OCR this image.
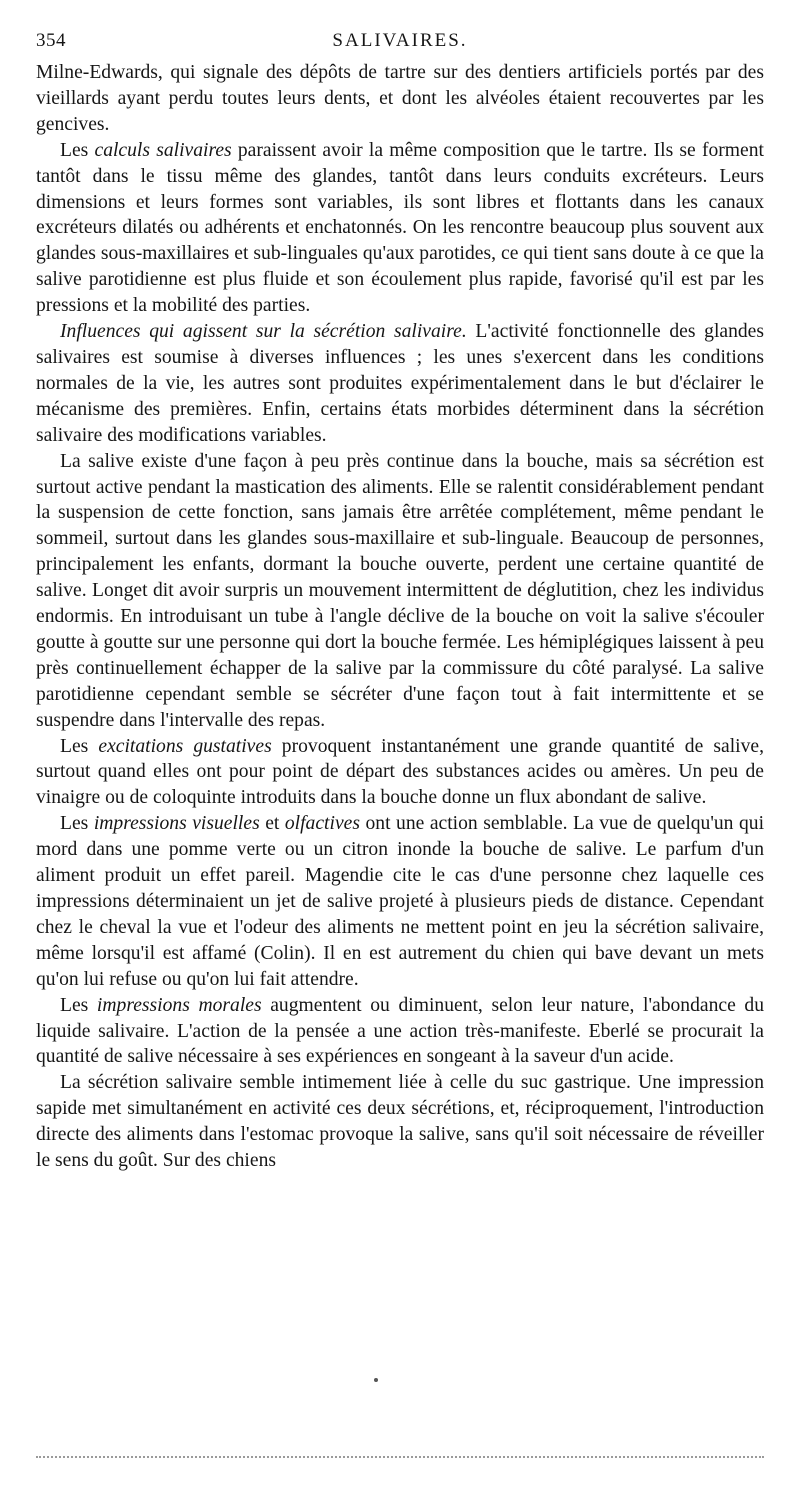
354	SALIVAIRES.

Milne-Edwards, qui signale des dépôts de tartre sur des dentiers artificiels portés par des vieillards ayant perdu toutes leurs dents, et dont les alvéoles étaient recouvertes par les gencives.

Les calculs salivaires paraissent avoir la même composition que le tartre. Ils se forment tantôt dans le tissu même des glandes, tantôt dans leurs conduits excréteurs. Leurs dimensions et leurs formes sont variables, ils sont libres et flottants dans les canaux excréteurs dilatés ou adhérents et enchatonnés. On les rencontre beaucoup plus souvent aux glandes sous-maxillaires et sub-linguales qu'aux parotides, ce qui tient sans doute à ce que la salive parotidienne est plus fluide et son écoulement plus rapide, favorisé qu'il est par les pressions et la mobilité des parties.

Influences qui agissent sur la sécrétion salivaire. L'activité fonctionnelle des glandes salivaires est soumise à diverses influences ; les unes s'exercent dans les conditions normales de la vie, les autres sont produites expérimentalement dans le but d'éclairer le mécanisme des premières. Enfin, certains états morbides déterminent dans la sécrétion salivaire des modifications variables.

La salive existe d'une façon à peu près continue dans la bouche, mais sa sécrétion est surtout active pendant la mastication des aliments. Elle se ralentit considérablement pendant la suspension de cette fonction, sans jamais être arrêtée complétement, même pendant le sommeil, surtout dans les glandes sous-maxillaire et sub-linguale. Beaucoup de personnes, principalement les enfants, dormant la bouche ouverte, perdent une certaine quantité de salive. Longet dit avoir surpris un mouvement intermittent de déglutition, chez les individus endormis. En introduisant un tube à l'angle déclive de la bouche on voit la salive s'écouler goutte à goutte sur une personne qui dort la bouche fermée. Les hémiplégiques laissent à peu près continuellement échapper de la salive par la commissure du côté paralysé. La salive parotidienne cependant semble se sécréter d'une façon tout à fait intermittente et se suspendre dans l'intervalle des repas.

Les excitations gustatives provoquent instantanément une grande quantité de salive, surtout quand elles ont pour point de départ des substances acides ou amères. Un peu de vinaigre ou de coloquinte introduits dans la bouche donne un flux abondant de salive.

Les impressions visuelles et olfactives ont une action semblable. La vue de quelqu'un qui mord dans une pomme verte ou un citron inonde la bouche de salive. Le parfum d'un aliment produit un effet pareil. Magendie cite le cas d'une personne chez laquelle ces impressions déterminaient un jet de salive projeté à plusieurs pieds de distance. Cependant chez le cheval la vue et l'odeur des aliments ne mettent point en jeu la sécrétion salivaire, même lorsqu'il est affamé (Colin). Il en est autrement du chien qui bave devant un mets qu'on lui refuse ou qu'on lui fait attendre.

Les impressions morales augmentent ou diminuent, selon leur nature, l'abondance du liquide salivaire. L'action de la pensée a une action très-manifeste. Eberlé se procurait la quantité de salive nécessaire à ses expériences en songeant à la saveur d'un acide.

La sécrétion salivaire semble intimement liée à celle du suc gastrique. Une impression sapide met simultanément en activité ces deux sécrétions, et, réciproquement, l'introduction directe des aliments dans l'estomac provoque la salive, sans qu'il soit nécessaire de réveiller le sens du goût. Sur des chiens
